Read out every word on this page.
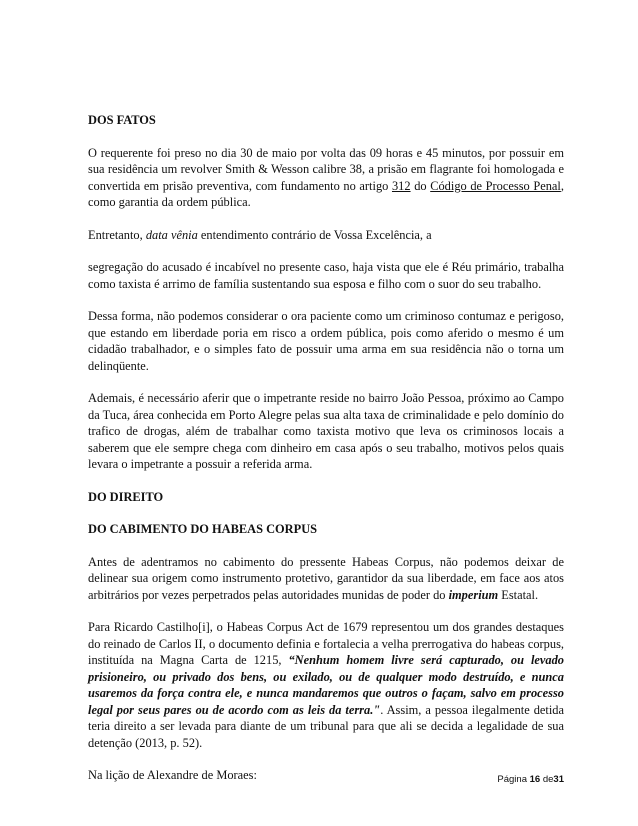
DOS FATOS

O requerente foi preso no dia 30 de maio por volta das 09 horas e 45 minutos, por possuir em sua residência um revolver Smith & Wesson calibre 38, a prisão em flagrante foi homologada e convertida em prisão preventiva, com fundamento no artigo 312 do Código de Processo Penal, como garantia da ordem pública.

Entretanto, data vênia entendimento contrário de Vossa Excelência, a

segregação do acusado é incabível no presente caso, haja vista que ele é Réu primário, trabalha como taxista é arrimo de família sustentando sua esposa e filho com o suor do seu trabalho.

Dessa forma, não podemos considerar o ora paciente como um criminoso contumaz e perigoso, que estando em liberdade poria em risco a ordem pública, pois como aferido o mesmo é um cidadão trabalhador, e o simples fato de possuir uma arma em sua residência não o torna um delinqüente.

Ademais, é necessário aferir que o impetrante reside no bairro João Pessoa, próximo ao Campo da Tuca, área conhecida em Porto Alegre pelas sua alta taxa de criminalidade e pelo domínio do trafico de drogas, além de trabalhar como taxista motivo que leva os criminosos locais a saberem que ele sempre chega com dinheiro em casa após o seu trabalho, motivos pelos quais levara o impetrante a possuir a referida arma.

DO DIREITO

DO CABIMENTO DO HABEAS CORPUS

Antes de adentramos no cabimento do pressente Habeas Corpus, não podemos deixar de delinear sua origem como instrumento protetivo, garantidor da sua liberdade, em face aos atos arbitrários por vezes perpetrados pelas autoridades munidas de poder do imperium Estatal.

Para Ricardo Castilho[i], o Habeas Corpus Act de 1679 representou um dos grandes destaques do reinado de Carlos II, o documento definia e fortalecia a velha prerrogativa do habeas corpus, instituída na Magna Carta de 1215, “Nenhum homem livre será capturado, ou levado prisioneiro, ou privado dos bens, ou exilado, ou de qualquer modo destruído, e nunca usaremos da força contra ele, e nunca mandaremos que outros o façam, salvo em processo legal por seus pares ou de acordo com as leis da terra.". Assim, a pessoa ilegalmente detida teria direito a ser levada para diante de um tribunal para que ali se decida a legalidade de sua detenção (2013, p. 52).

Na lição de Alexandre de Moraes:	Página 16 de31
